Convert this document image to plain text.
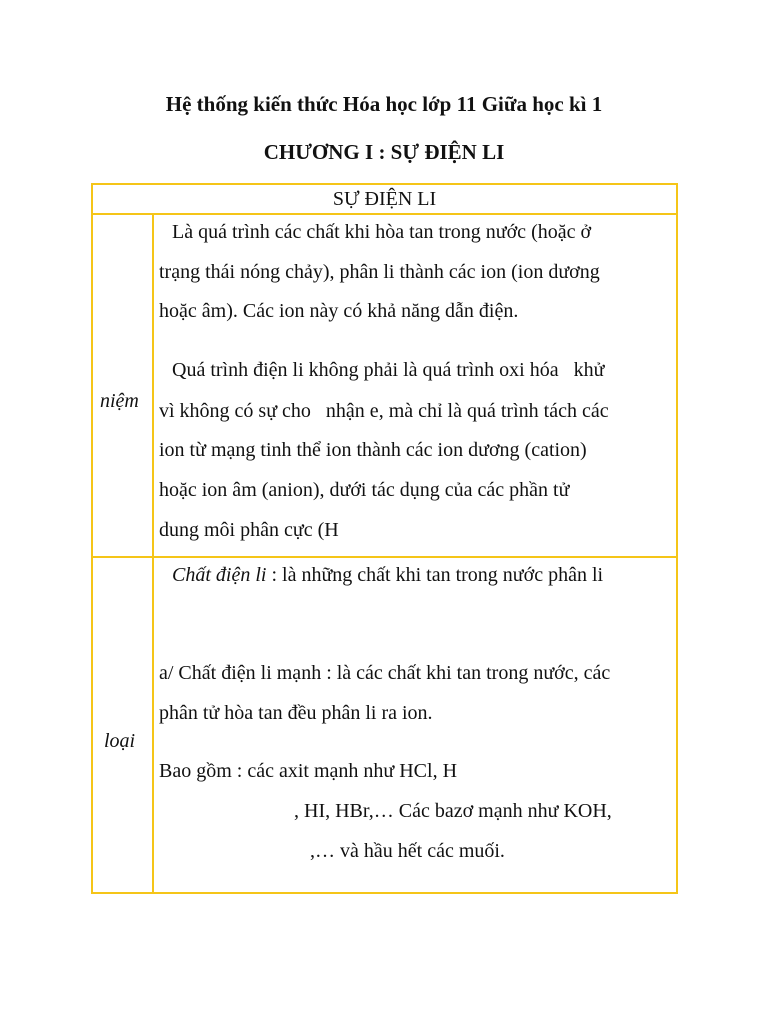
Hệ thống kiến thức Hóa học lớp 11 Giữa học kì 1
CHƯƠNG I : SỰ ĐIỆN LI
SỰ ĐIỆN LI
niệm
Là quá trình các chất khi hòa tan trong nước (hoặc ở
trạng thái nóng chảy), phân li thành các ion (ion dương
hoặc âm). Các ion này có khả năng dẫn điện.
Quá trình điện li không phải là quá trình oxi hóa   khử
vì không có sự cho   nhận e, mà chỉ là quá trình tách các
ion từ mạng tinh thể ion thành các ion dương (cation)
hoặc ion âm (anion), dưới tác dụng của các phần tử
dung môi phân cực (H
loại
Chất điện li : là những chất khi tan trong nước phân li
a/ Chất điện li mạnh : là các chất khi tan trong nước, các
phân tử hòa tan đều phân li ra ion.
Bao gồm : các axit mạnh như HCl, H
, HI, HBr,… Các bazơ mạnh như KOH,
,… và hầu hết các muối.
